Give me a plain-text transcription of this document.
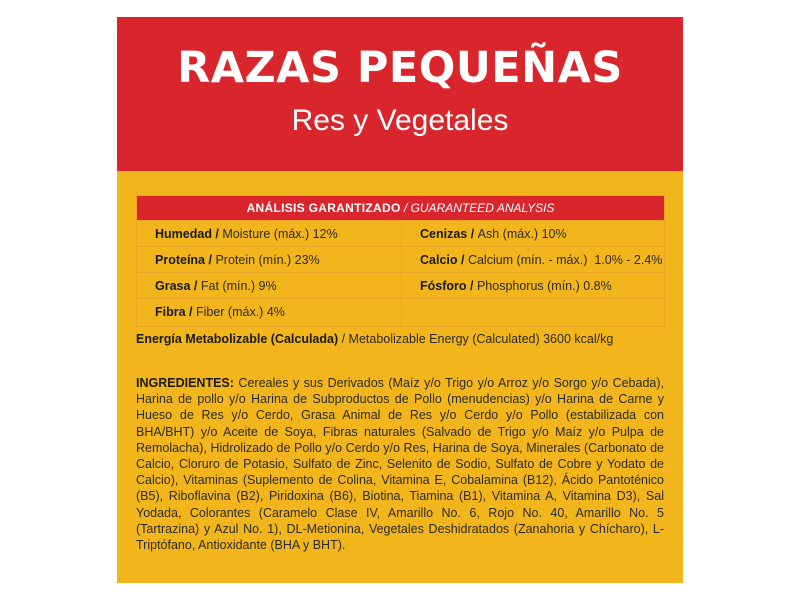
RAZAS PEQUEÑAS
Res y Vegetales
ANÁLISIS GARANTIZADO / GUARANTEED ANALYSIS
Humedad / Moisture (máx.) 12%	Cenizas / Ash (máx.) 10%
Proteína / Protein (mín.) 23%	Calcio / Calcium (mín. - máx.)  1.0% - 2.4%
Grasa / Fat (mín.) 9%	Fósforo / Phosphorus (mín.) 0.8%
Fibra / Fiber (máx.) 4%
Energía Metabolizable (Calculada) / Metabolizable Energy (Calculated) 3600 kcal/kg
INGREDIENTES: Cereales y sus Derivados (Maíz y/o Trigo y/o Arroz y/o Sorgo y/o Cebada), Harina de pollo y/o Harina de Subproductos de Pollo (menudencias) y/o Harina de Carne y Hueso de Res y/o Cerdo, Grasa Animal de Res y/o Cerdo y/o Pollo (estabilizada con BHA/BHT) y/o Aceite de Soya, Fibras naturales (Salvado de Trigo y/o Maíz y/o Pulpa de Remolacha), Hidrolizado de Pollo y/o Cerdo y/o Res, Harina de Soya, Minerales (Carbonato de Calcio, Cloruro de Potasio, Sulfato de Zinc, Selenito de Sodio, Sulfato de Cobre y Yodato de Calcio), Vitaminas (Suplemento de Colina, Vitamina E, Cobalamina (B12), Ácido Pantoténico (B5), Riboflavina (B2), Piridoxina (B6), Biotina, Tiamina (B1), Vitamina A, Vitamina D3), Sal Yodada, Colorantes (Caramelo Clase IV, Amarillo No. 6, Rojo No. 40, Amarillo No. 5 (Tartrazina) y Azul No. 1), DL-Metionina, Vegetales Deshidratados (Zanahoria y Chícharo), L-Triptófano, Antioxidante (BHA y BHT).
